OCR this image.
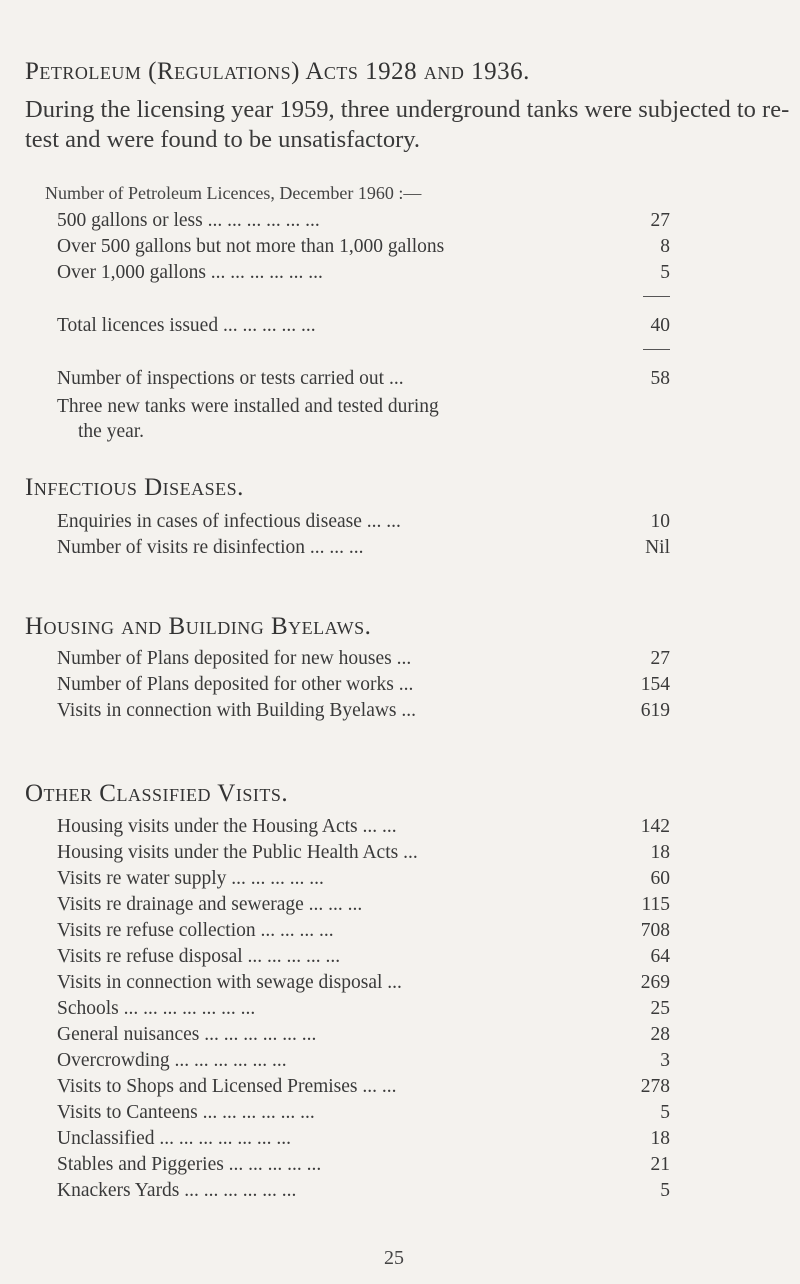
Petroleum (Regulations) Acts 1928 and 1936.
During the licensing year 1959, three underground tanks were subjected to re-test and were found to be unsatisfactory.
Number of Petroleum Licences, December 1960 :—
500 gallons or less ... ... ... ... ... ...	27
Over 500 gallons but not more than 1,000 gallons	8
Over 1,000 gallons ... ... ... ... ... ...	5
Total licences issued ... ... ... ... ...	40
Number of inspections or tests carried out ...	58
Three new tanks were installed and tested during
the year.
Infectious Diseases.
Enquiries in cases of infectious disease ... ...	10
Number of visits re disinfection ... ... ...	Nil
Housing and Building Byelaws.
Number of Plans deposited for new houses ...	27
Number of Plans deposited for other works ...	154
Visits in connection with Building Byelaws ...	619
Other Classified Visits.
Housing visits under the Housing Acts ... ...	142
Housing visits under the Public Health Acts ...	18
Visits re water supply ... ... ... ... ...	60
Visits re drainage and sewerage ... ... ...	115
Visits re refuse collection ... ... ... ...	708
Visits re refuse disposal ... ... ... ... ...	64
Visits in connection with sewage disposal ...	269
Schools ... ... ... ... ... ... ...	25
General nuisances ... ... ... ... ... ...	28
Overcrowding ... ... ... ... ... ...	3
Visits to Shops and Licensed Premises ... ...	278
Visits to Canteens ... ... ... ... ... ...	5
Unclassified ... ... ... ... ... ... ...	18
Stables and Piggeries ... ... ... ... ...	21
Knackers Yards ... ... ... ... ... ...	5
25
